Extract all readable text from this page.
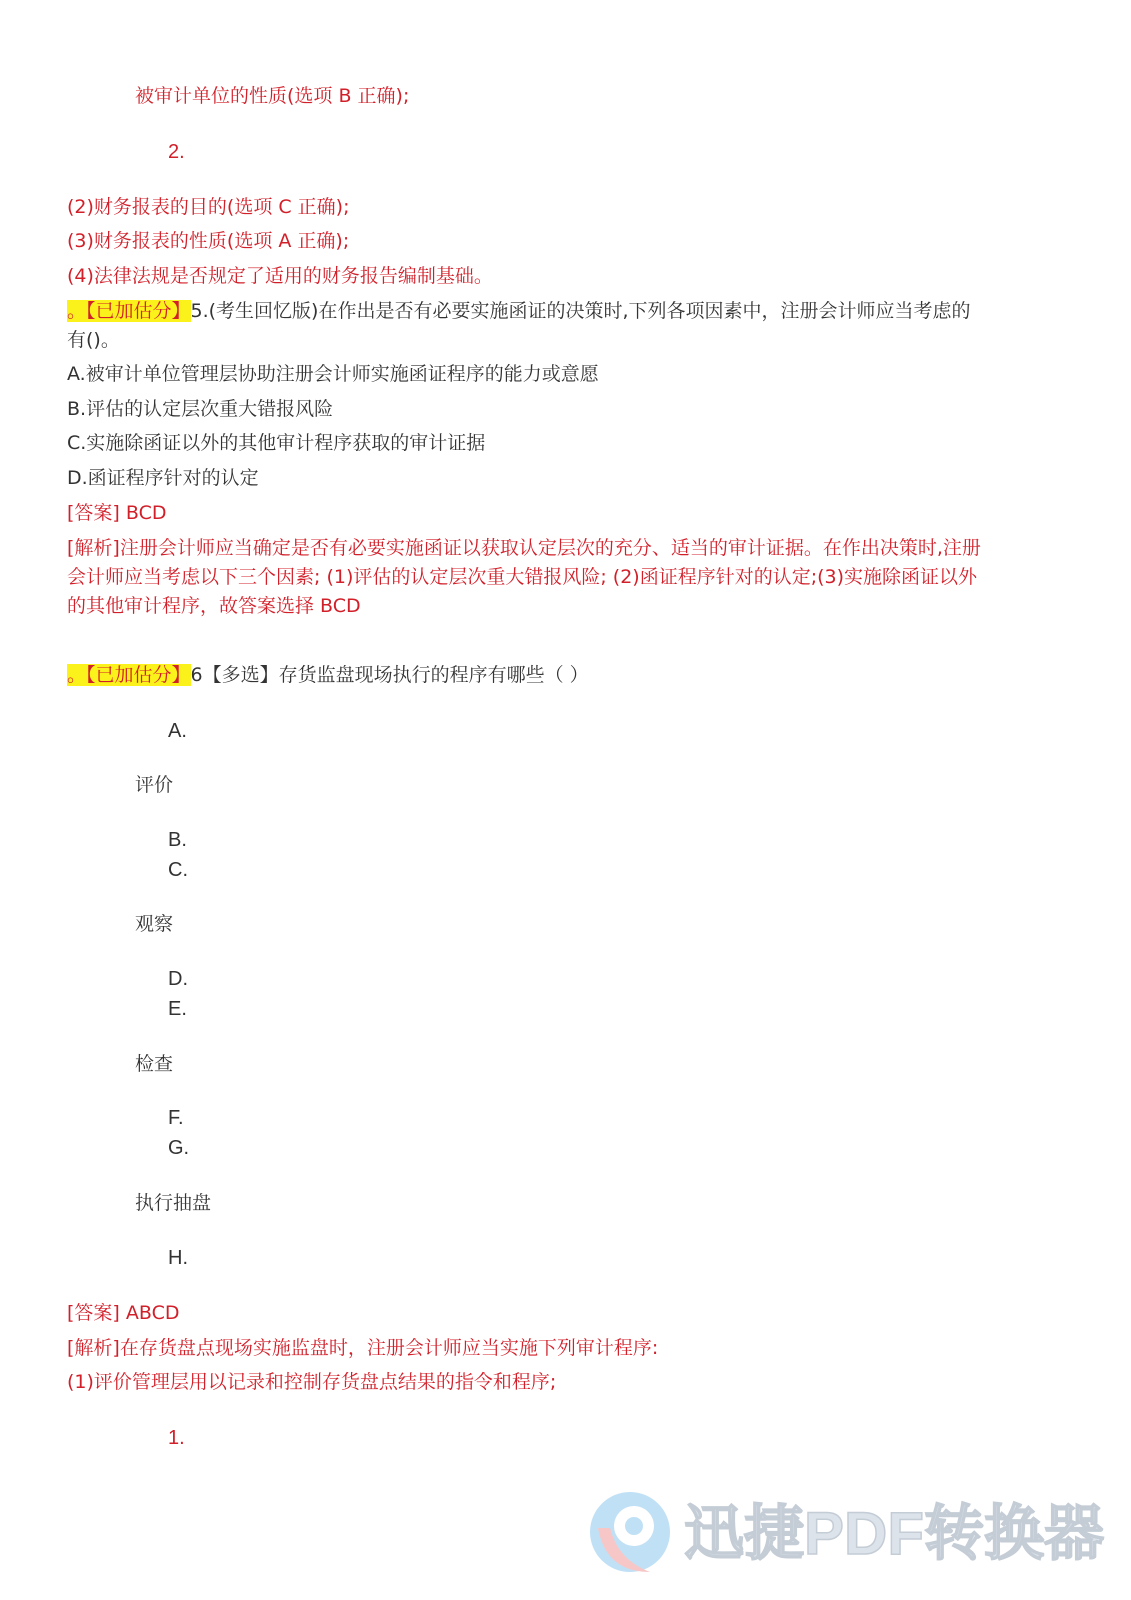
被审计单位的性质(选项 B 正确);
2.
(2)财务报表的目的(选项 C 正确);
(3)财务报表的性质(选项 A 正确);
(4)法律法规是否规定了适用的财务报告编制基础。
。【已加估分】5.(考生回忆版)在作出是否有必要实施函证的决策时,下列各项因素中，注册会计师应当考虑的
有()。
A.被审计单位管理层协助注册会计师实施函证程序的能力或意愿
B.评估的认定层次重大错报风险
C.实施除函证以外的其他审计程序获取的审计证据
D.函证程序针对的认定
[答案] BCD
[解析]注册会计师应当确定是否有必要实施函证以获取认定层次的充分、适当的审计证据。在作出决策时,注册
会计师应当考虑以下三个因素; (1)评估的认定层次重大错报风险; (2)函证程序针对的认定;(3)实施除函证以外
的其他审计程序，故答案选择 BCD
。【已加估分】6【多选】存货监盘现场执行的程序有哪些（ ）
A.
评价
B.
C.
观察
D.
E.
检查
F.
G.
执行抽盘
H.
[答案] ABCD
[解析]在存货盘点现场实施监盘时，注册会计师应当实施下列审计程序:
(1)评价管理层用以记录和控制存货盘点结果的指令和程序;
1.
迅捷PDF转换器
